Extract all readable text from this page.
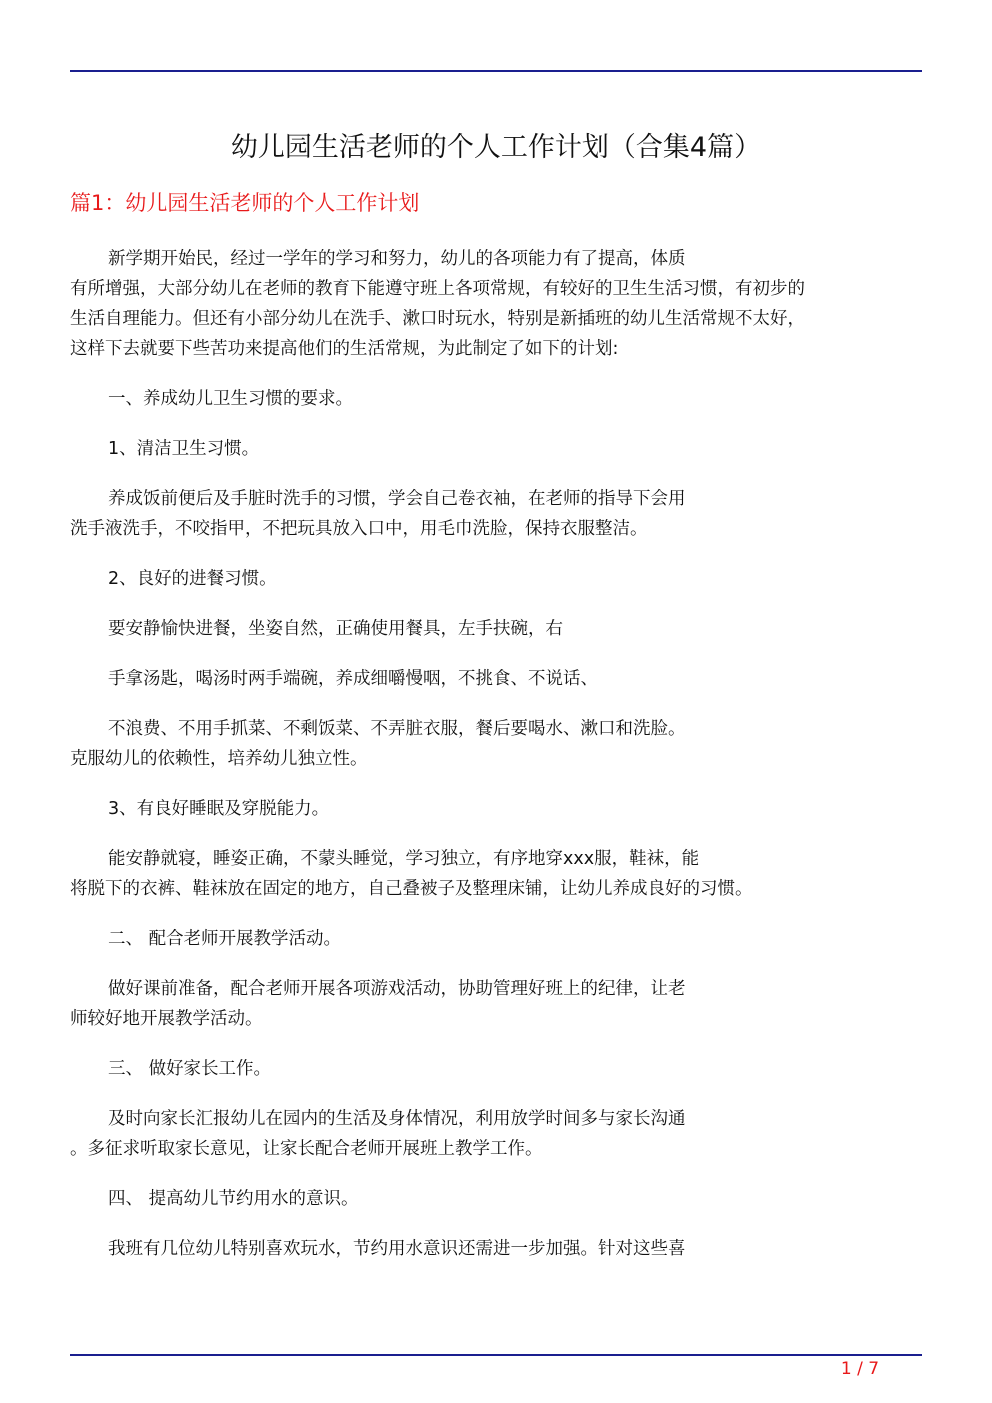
幼儿园生活老师的个人工作计划（合集4篇）
篇1：幼儿园生活老师的个人工作计划

新学期开始民，经过一学年的学习和努力，幼儿的各项能力有了提高，体质
有所增强，大部分幼儿在老师的教育下能遵守班上各项常规，有较好的卫生生活习惯，有初步的
生活自理能力。但还有小部分幼儿在洗手、漱口时玩水，特别是新插班的幼儿生活常规不太好，
这样下去就要下些苦功来提高他们的生活常规，为此制定了如下的计划:

一、养成幼儿卫生习惯的要求。

1、清洁卫生习惯。

养成饭前便后及手脏时洗手的习惯，学会自己卷衣袖，在老师的指导下会用
洗手液洗手，不咬指甲，不把玩具放入口中，用毛巾洗脸，保持衣服整洁。

2、良好的进餐习惯。

要安静愉快进餐，坐姿自然，正确使用餐具，左手扶碗，右

手拿汤匙，喝汤时两手端碗，养成细嚼慢咽，不挑食、不说话、

不浪费、不用手抓菜、不剩饭菜、不弄脏衣服，餐后要喝水、漱口和洗脸。
克服幼儿的依赖性，培养幼儿独立性。

3、有良好睡眠及穿脱能力。

能安静就寝，睡姿正确，不蒙头睡觉，学习独立，有序地穿xxx服，鞋袜，能
将脱下的衣裤、鞋袜放在固定的地方，自己叠被子及整理床铺，让幼儿养成良好的习惯。

二、 配合老师开展教学活动。

做好课前准备，配合老师开展各项游戏活动，协助管理好班上的纪律，让老
师较好地开展教学活动。

三、 做好家长工作。

及时向家长汇报幼儿在园内的生活及身体情况，利用放学时间多与家长沟通
。多征求听取家长意见，让家长配合老师开展班上教学工作。

四、 提高幼儿节约用水的意识。

我班有几位幼儿特别喜欢玩水，节约用水意识还需进一步加强。针对这些喜

1 / 7
